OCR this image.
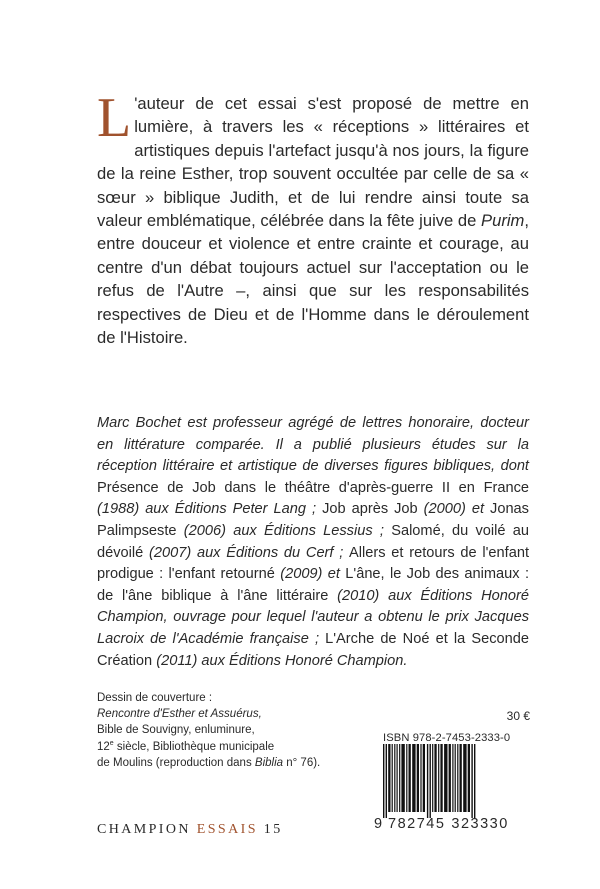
L 'auteur de cet essai s'est proposé de mettre en lumière, à travers les « réceptions » littéraires et artistiques depuis l'artefact jusqu'à nos jours, la figure de la reine Esther, trop souvent occultée par celle de sa « sœur » biblique Judith, et de lui rendre ainsi toute sa valeur emblématique, célébrée dans la fête juive de Purim, entre douceur et violence et entre crainte et courage, au centre d'un débat toujours actuel sur l'acceptation ou le refus de l'Autre –, ainsi que sur les responsabilités respectives de Dieu et de l'Homme dans le déroulement de l'Histoire.
Marc Bochet est professeur agrégé de lettres honoraire, docteur en littérature comparée. Il a publié plusieurs études sur la réception littéraire et artistique de diverses figures bibliques, dont Présence de Job dans le théâtre d'après-guerre II en France (1988) aux Éditions Peter Lang ; Job après Job (2000) et Jonas Palimpseste (2006) aux Éditions Lessius ; Salomé, du voilé au dévoilé (2007) aux Éditions du Cerf ; Allers et retours de l'enfant prodigue : l'enfant retourné (2009) et L'âne, le Job des animaux : de l'âne biblique à l'âne littéraire (2010) aux Éditions Honoré Champion, ouvrage pour lequel l'auteur a obtenu le prix Jacques Lacroix de l'Académie française ; L'Arche de Noé et la Seconde Création (2011) aux Éditions Honoré Champion.
Dessin de couverture :
Rencontre d'Esther et Assuérus,
Bible de Souvigny, enluminure,
12e siècle, Bibliothèque municipale
de Moulins (reproduction dans Biblia n° 76).
30 €
ISBN 978-2-7453-2333-0
9 782745 323330
CHAMPION ESSAIS 15
